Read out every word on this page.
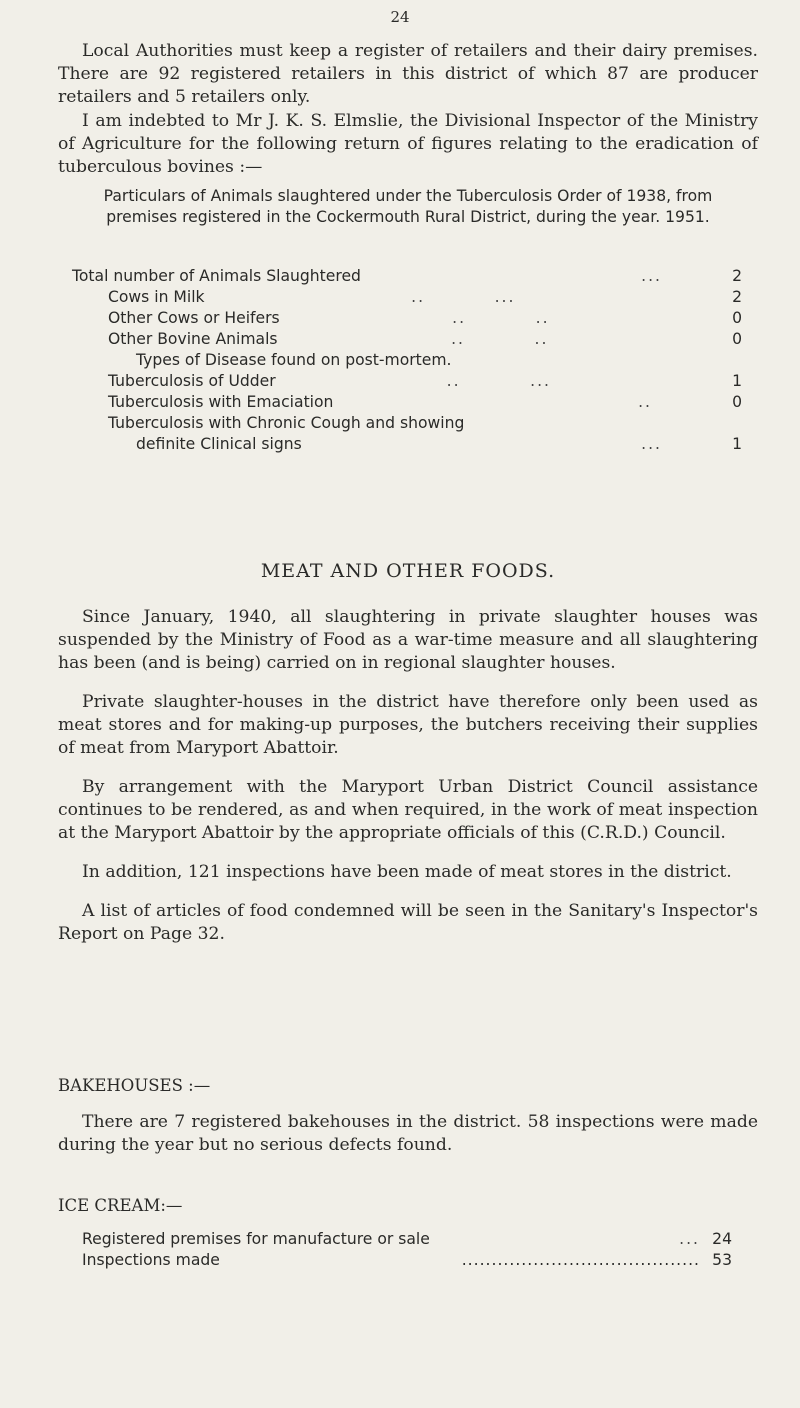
24

Local Authorities must keep a register of retailers and their dairy premises. There are 92 registered retailers in this district of which 87 are producer retailers and 5 retailers only.

I am indebted to Mr J. K. S. Elmslie, the Divisional Inspector of the Ministry of Agriculture for the following return of figures relating to the eradication of tuberculous bovines :—

Particulars of Animals slaughtered under the Tuberculosis Order of 1938, from premises registered in the Cockermouth Rural District, during the year. 1951.

Total number of Animals Slaughtered	...	2
Cows in Milk	..          ...	2
Other Cows or Heifers	..          ..	0
Other Bovine Animals	..          ..	0
Types of Disease found on post-mortem.
Tuberculosis of Udder	..          ...	1
Tuberculosis with Emaciation	..	0
Tuberculosis with Chronic Cough and showing
definite Clinical signs	...	1

MEAT AND OTHER FOODS.

Since January, 1940, all slaughtering in private slaughter houses was suspended by the Ministry of Food as a war-time measure and all slaughtering has been (and is being) carried on in regional slaughter houses.

Private slaughter-houses in the district have therefore only been used as meat stores and for making-up purposes, the butchers receiving their supplies of meat from Maryport Abattoir.

By arrangement with the Maryport Urban District Council assistance continues to be rendered, as and when required, in the work of meat inspection at the Maryport Abattoir by the appropriate officials of this (C.R.D.) Council.

In addition, 121 inspections have been made of meat stores in the district.

A list of articles of food condemned will be seen in the Sanitary's Inspector's Report on Page 32.

BAKEHOUSES :—

There are 7 registered bakehouses in the district. 58 inspections were made during the year but no serious defects found.

ICE CREAM:—

Registered premises for manufacture or sale	... 24
Inspections made	........................................ 53
